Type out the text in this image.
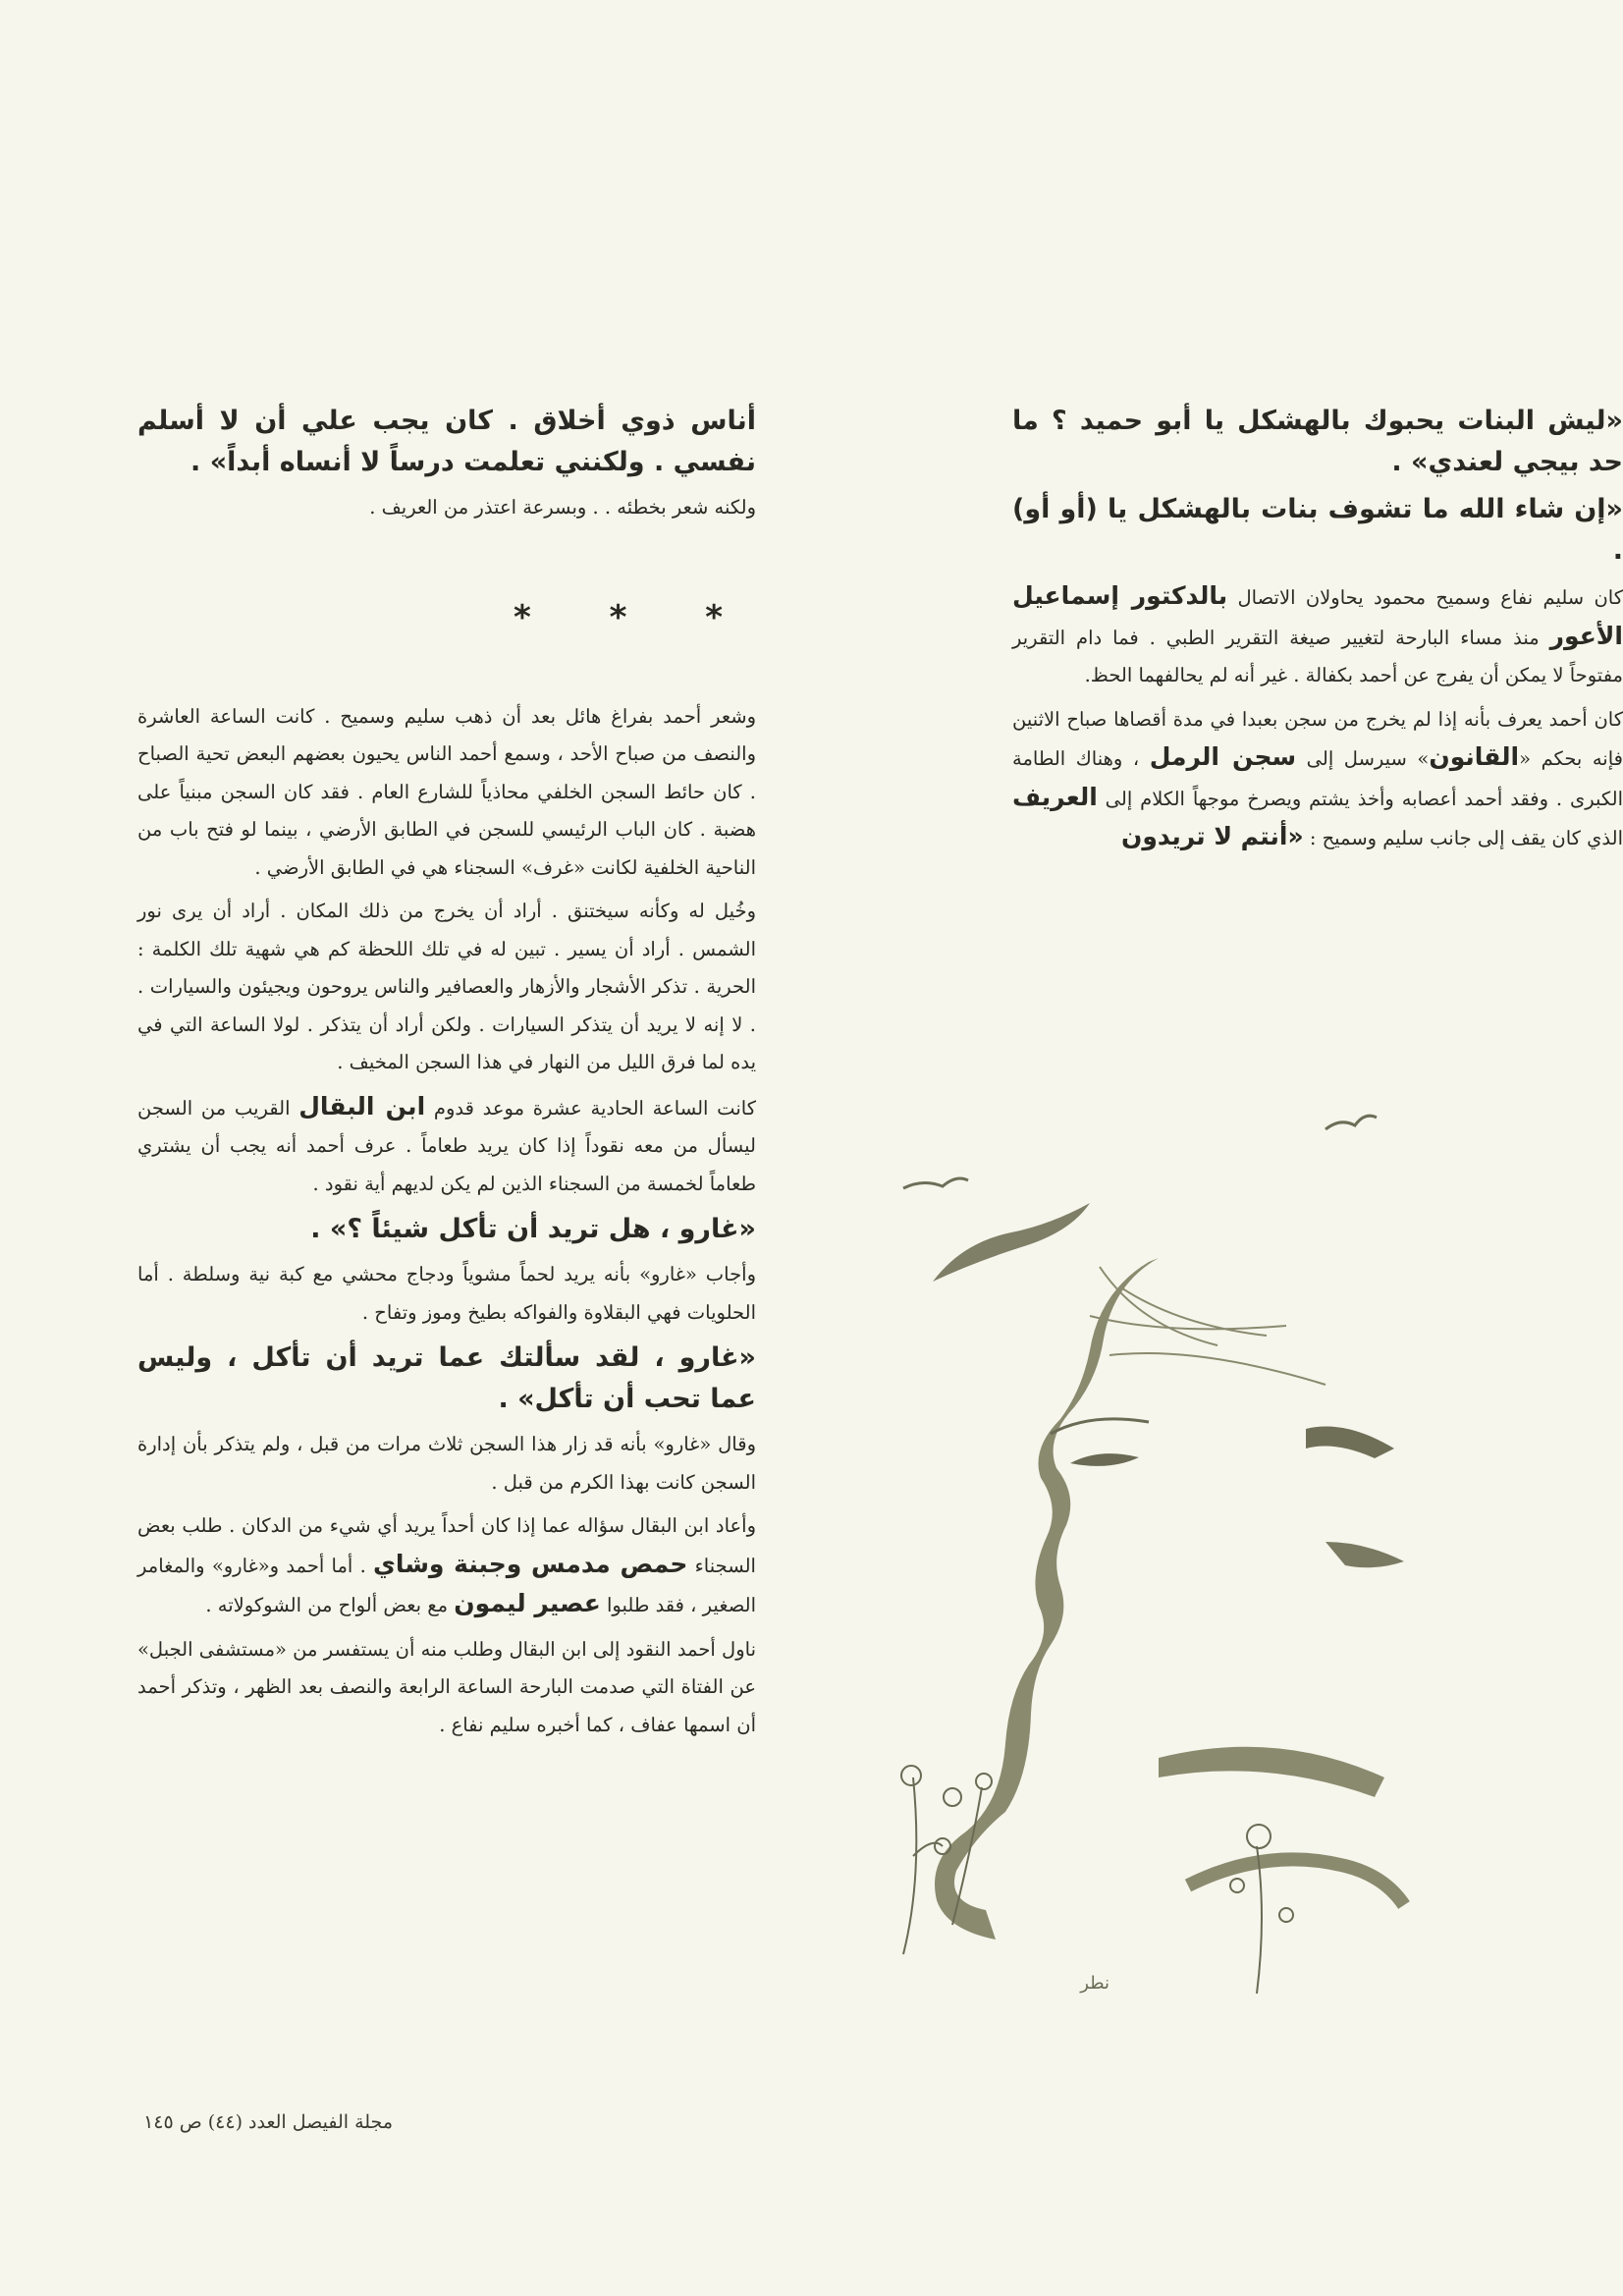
«ليش البنات يحبوك بالهشكل يا أبو حميد ؟ ما حد بيجي لعندي» .

«إن شاء الله ما تشوف بنات بالهشكل يا (أو أو) .

كان سليم نفاع وسميح محمود يحاولان الاتصال بالدكتور إسماعيل الأعور منذ مساء البارحة لتغيير صيغة التقرير الطبي . فما دام التقرير مفتوحاً لا يمكن أن يفرج عن أحمد بكفالة . غير أنه لم يحالفهما الحظ.

كان أحمد يعرف بأنه إذا لم يخرج من سجن بعبدا في مدة أقصاها صباح الاثنين فإنه بحكم «القانون» سيرسل إلى سجن الرمل ، وهناك الطامة الكبرى . وفقد أحمد أعصابه وأخذ يشتم ويصرخ موجهاً الكلام إلى العريف الذي كان يقف إلى جانب سليم وسميح : «أنتم لا تريدون

نطر

أناس ذوي أخلاق . كان يجب علي أن لا أسلم نفسي . ولكنني تعلمت درساً لا أنساه أبداً» .

ولكنه شعر بخطئه . . وبسرعة اعتذر من العريف .

* * *

وشعر أحمد بفراغ هائل بعد أن ذهب سليم وسميح . كانت الساعة العاشرة والنصف من صباح الأحد ، وسمع أحمد الناس يحيون بعضهم البعض تحية الصباح . كان حائط السجن الخلفي محاذياً للشارع العام . فقد كان السجن مبنياً على هضبة . كان الباب الرئيسي للسجن في الطابق الأرضي ، بينما لو فتح باب من الناحية الخلفية لكانت «غرف» السجناء هي في الطابق الأرضي .

وخُيل له وكأنه سيختنق . أراد أن يخرج من ذلك المكان . أراد أن يرى نور الشمس . أراد أن يسير . تبين له في تلك اللحظة كم هي شهية تلك الكلمة : الحرية . تذكر الأشجار والأزهار والعصافير والناس يروحون ويجيئون والسيارات . . لا إنه لا يريد أن يتذكر السيارات . ولكن أراد أن يتذكر . لولا الساعة التي في يده لما فرق الليل من النهار في هذا السجن المخيف .

كانت الساعة الحادية عشرة موعد قدوم ابن البقال القريب من السجن ليسأل من معه نقوداً إذا كان يريد طعاماً . عرف أحمد أنه يجب أن يشتري طعاماً لخمسة من السجناء الذين لم يكن لديهم أية نقود .

«غارو ، هل تريد أن تأكل شيئاً ؟» .

وأجاب «غارو» بأنه يريد لحماً مشوياً ودجاج محشي مع كبة نية وسلطة . أما الحلويات فهي البقلاوة والفواكه بطيخ وموز وتفاح .

«غارو ، لقد سألتك عما تريد أن تأكل ، وليس عما تحب أن تأكل» .

وقال «غارو» بأنه قد زار هذا السجن ثلاث مرات من قبل ، ولم يتذكر بأن إدارة السجن كانت بهذا الكرم من قبل .

وأعاد ابن البقال سؤاله عما إذا كان أحداً يريد أي شيء من الدكان . طلب بعض السجناء حمص مدمس وجبنة وشاي . أما أحمد و«غارو» والمغامر الصغير ، فقد طلبوا عصير ليمون مع بعض ألواح من الشوكولاته .

ناول أحمد النقود إلى ابن البقال وطلب منه أن يستفسر من «مستشفى الجبل» عن الفتاة التي صدمت البارحة الساعة الرابعة والنصف بعد الظهر ، وتذكر أحمد أن اسمها عفاف ، كما أخبره سليم نفاع .

مجلة الفيصل العدد (٤٤) ص ١٤٥
